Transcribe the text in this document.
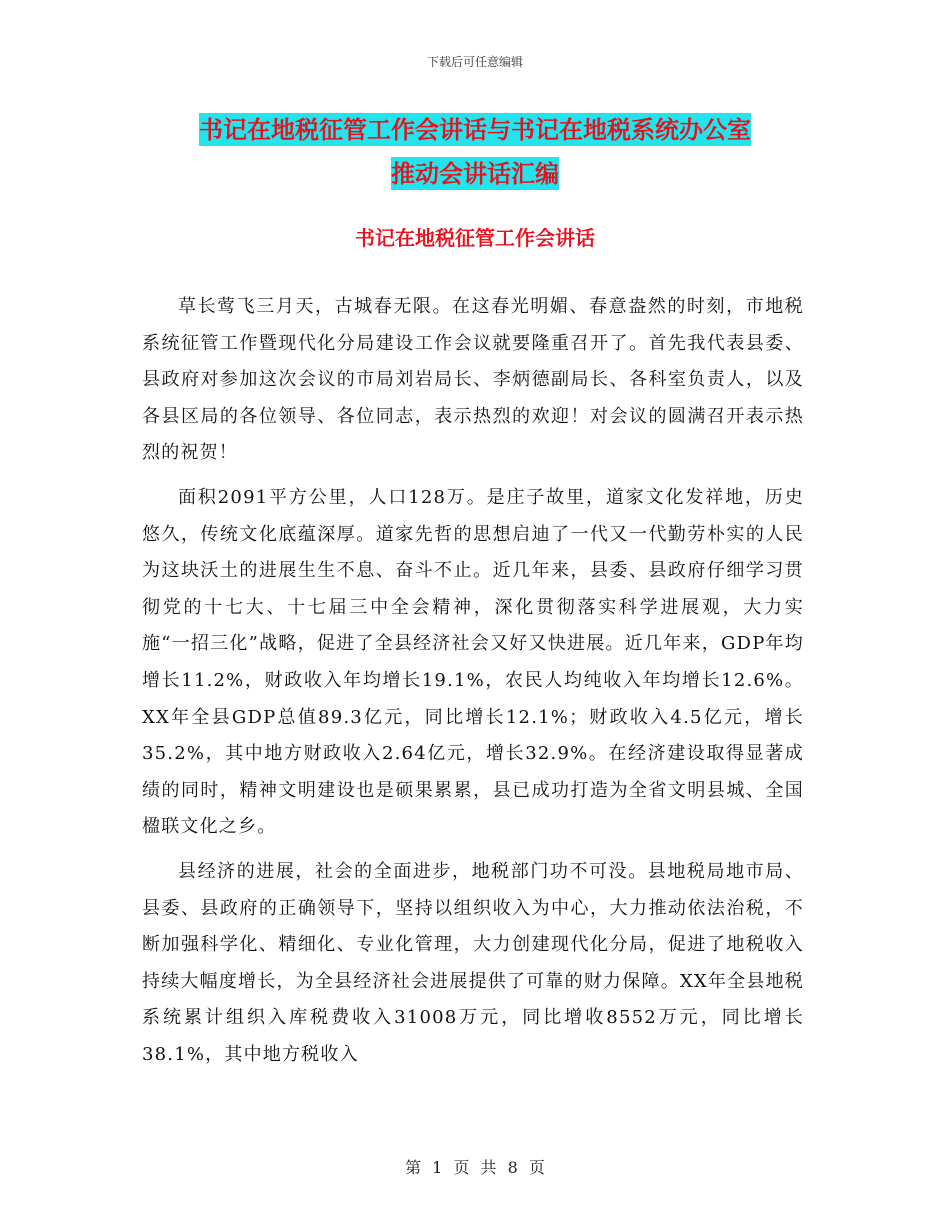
下载后可任意编辑
书记在地税征管工作会讲话与书记在地税系统办公室
推动会讲话汇编
书记在地税征管工作会讲话

草长莺飞三月天，古城春无限。在这春光明媚、春意盎然的时刻，市地税系统征管工作暨现代化分局建设工作会议就要隆重召开了。首先我代表县委、县政府对参加这次会议的市局刘岩局长、李炳德副局长、各科室负责人，以及各县区局的各位领导、各位同志，表示热烈的欢迎！对会议的圆满召开表示热烈的祝贺！

面积2091平方公里，人口128万。是庄子故里，道家文化发祥地，历史悠久，传统文化底蕴深厚。道家先哲的思想启迪了一代又一代勤劳朴实的人民为这块沃土的进展生生不息、奋斗不止。近几年来，县委、县政府仔细学习贯彻党的十七大、十七届三中全会精神，深化贯彻落实科学进展观，大力实施“一招三化”战略，促进了全县经济社会又好又快进展。近几年来，GDP年均增长11.2%，财政收入年均增长19.1%，农民人均纯收入年均增长12.6%。XX年全县GDP总值89.3亿元，同比增长12.1%；财政收入4.5亿元，增长35.2%，其中地方财政收入2.64亿元，增长32.9%。在经济建设取得显著成绩的同时，精神文明建设也是硕果累累，县已成功打造为全省文明县城、全国楹联文化之乡。

县经济的进展，社会的全面进步，地税部门功不可没。县地税局地市局、县委、县政府的正确领导下，坚持以组织收入为中心，大力推动依法治税，不断加强科学化、精细化、专业化管理，大力创建现代化分局，促进了地税收入持续大幅度增长，为全县经济社会进展提供了可靠的财力保障。XX年全县地税系统累计组织入库税费收入31008万元，同比增收8552万元，同比增长38.1%，其中地方税收入

第 1 页 共 8 页
